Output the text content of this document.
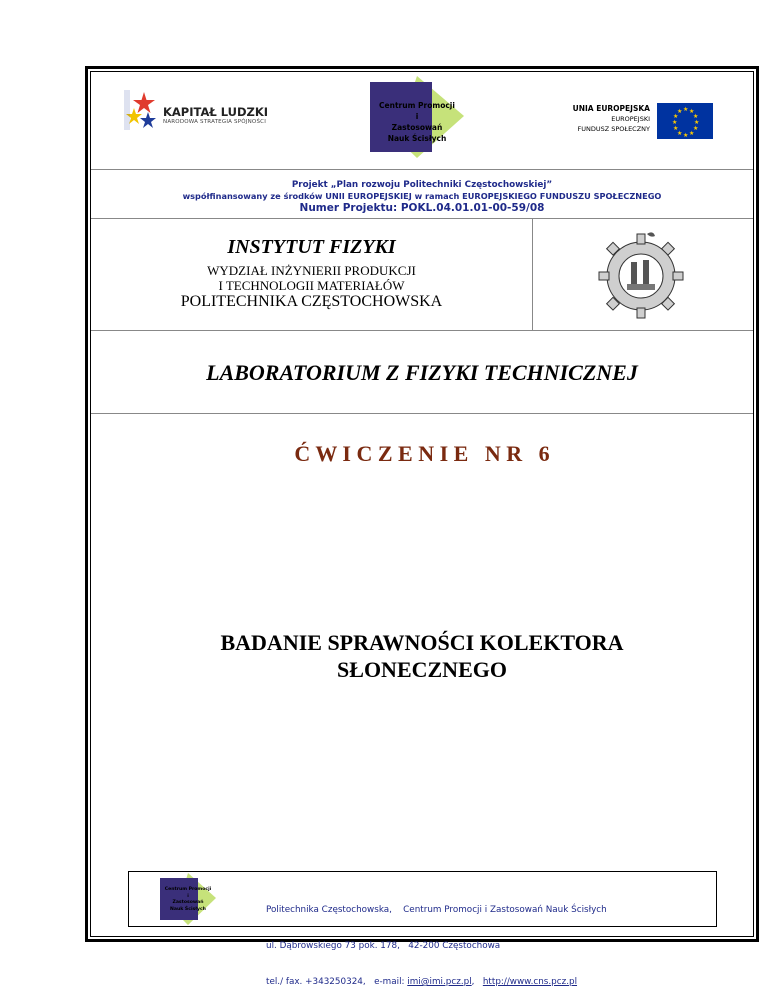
KAPITAŁ LUDZKI
NARODOWA STRATEGIA SPÓJNOŚCI
Centrum Promocji
i
Zastosowań
Nauk Ścisłych
UNIA EUROPEJSKA
EUROPEJSKI
FUNDUSZ SPOŁECZNY
★ ★
★
★
★
★
★
★
★
★
★
★
Projekt „Plan rozwoju Politechniki Częstochowskiej”
współfinansowany ze środków UNII EUROPEJSKIEJ w ramach EUROPEJSKIEGO FUNDUSZU SPOŁECZNEGO
Numer Projektu: POKL.04.01.01-00-59/08
INSTYTUT FIZYKI
WYDZIAŁ INŻYNIERII PRODUKCJI
I TECHNOLOGII MATERIAŁÓW
POLITECHNIKA CZĘSTOCHOWSKA
LABORATORIUM Z FIZYKI TECHNICZNEJ
Ć W I C Z E N I E   N R   6
BADANIE SPRAWNOŚCI KOLEKTORA
SŁONECZNEGO
Centrum Promocji
i
Zastosowań
Nauk Ścisłych

	Politechnika Częstochowska,    Centrum Promocji i Zastosowań Nauk Ścisłych

ul. Dąbrowskiego 73 pok. 178,   42-200 Częstochowa

tel./ fax. +343250324,   e-mail: imi@imi.pcz.pl,   http://www.cns.pcz.pl
